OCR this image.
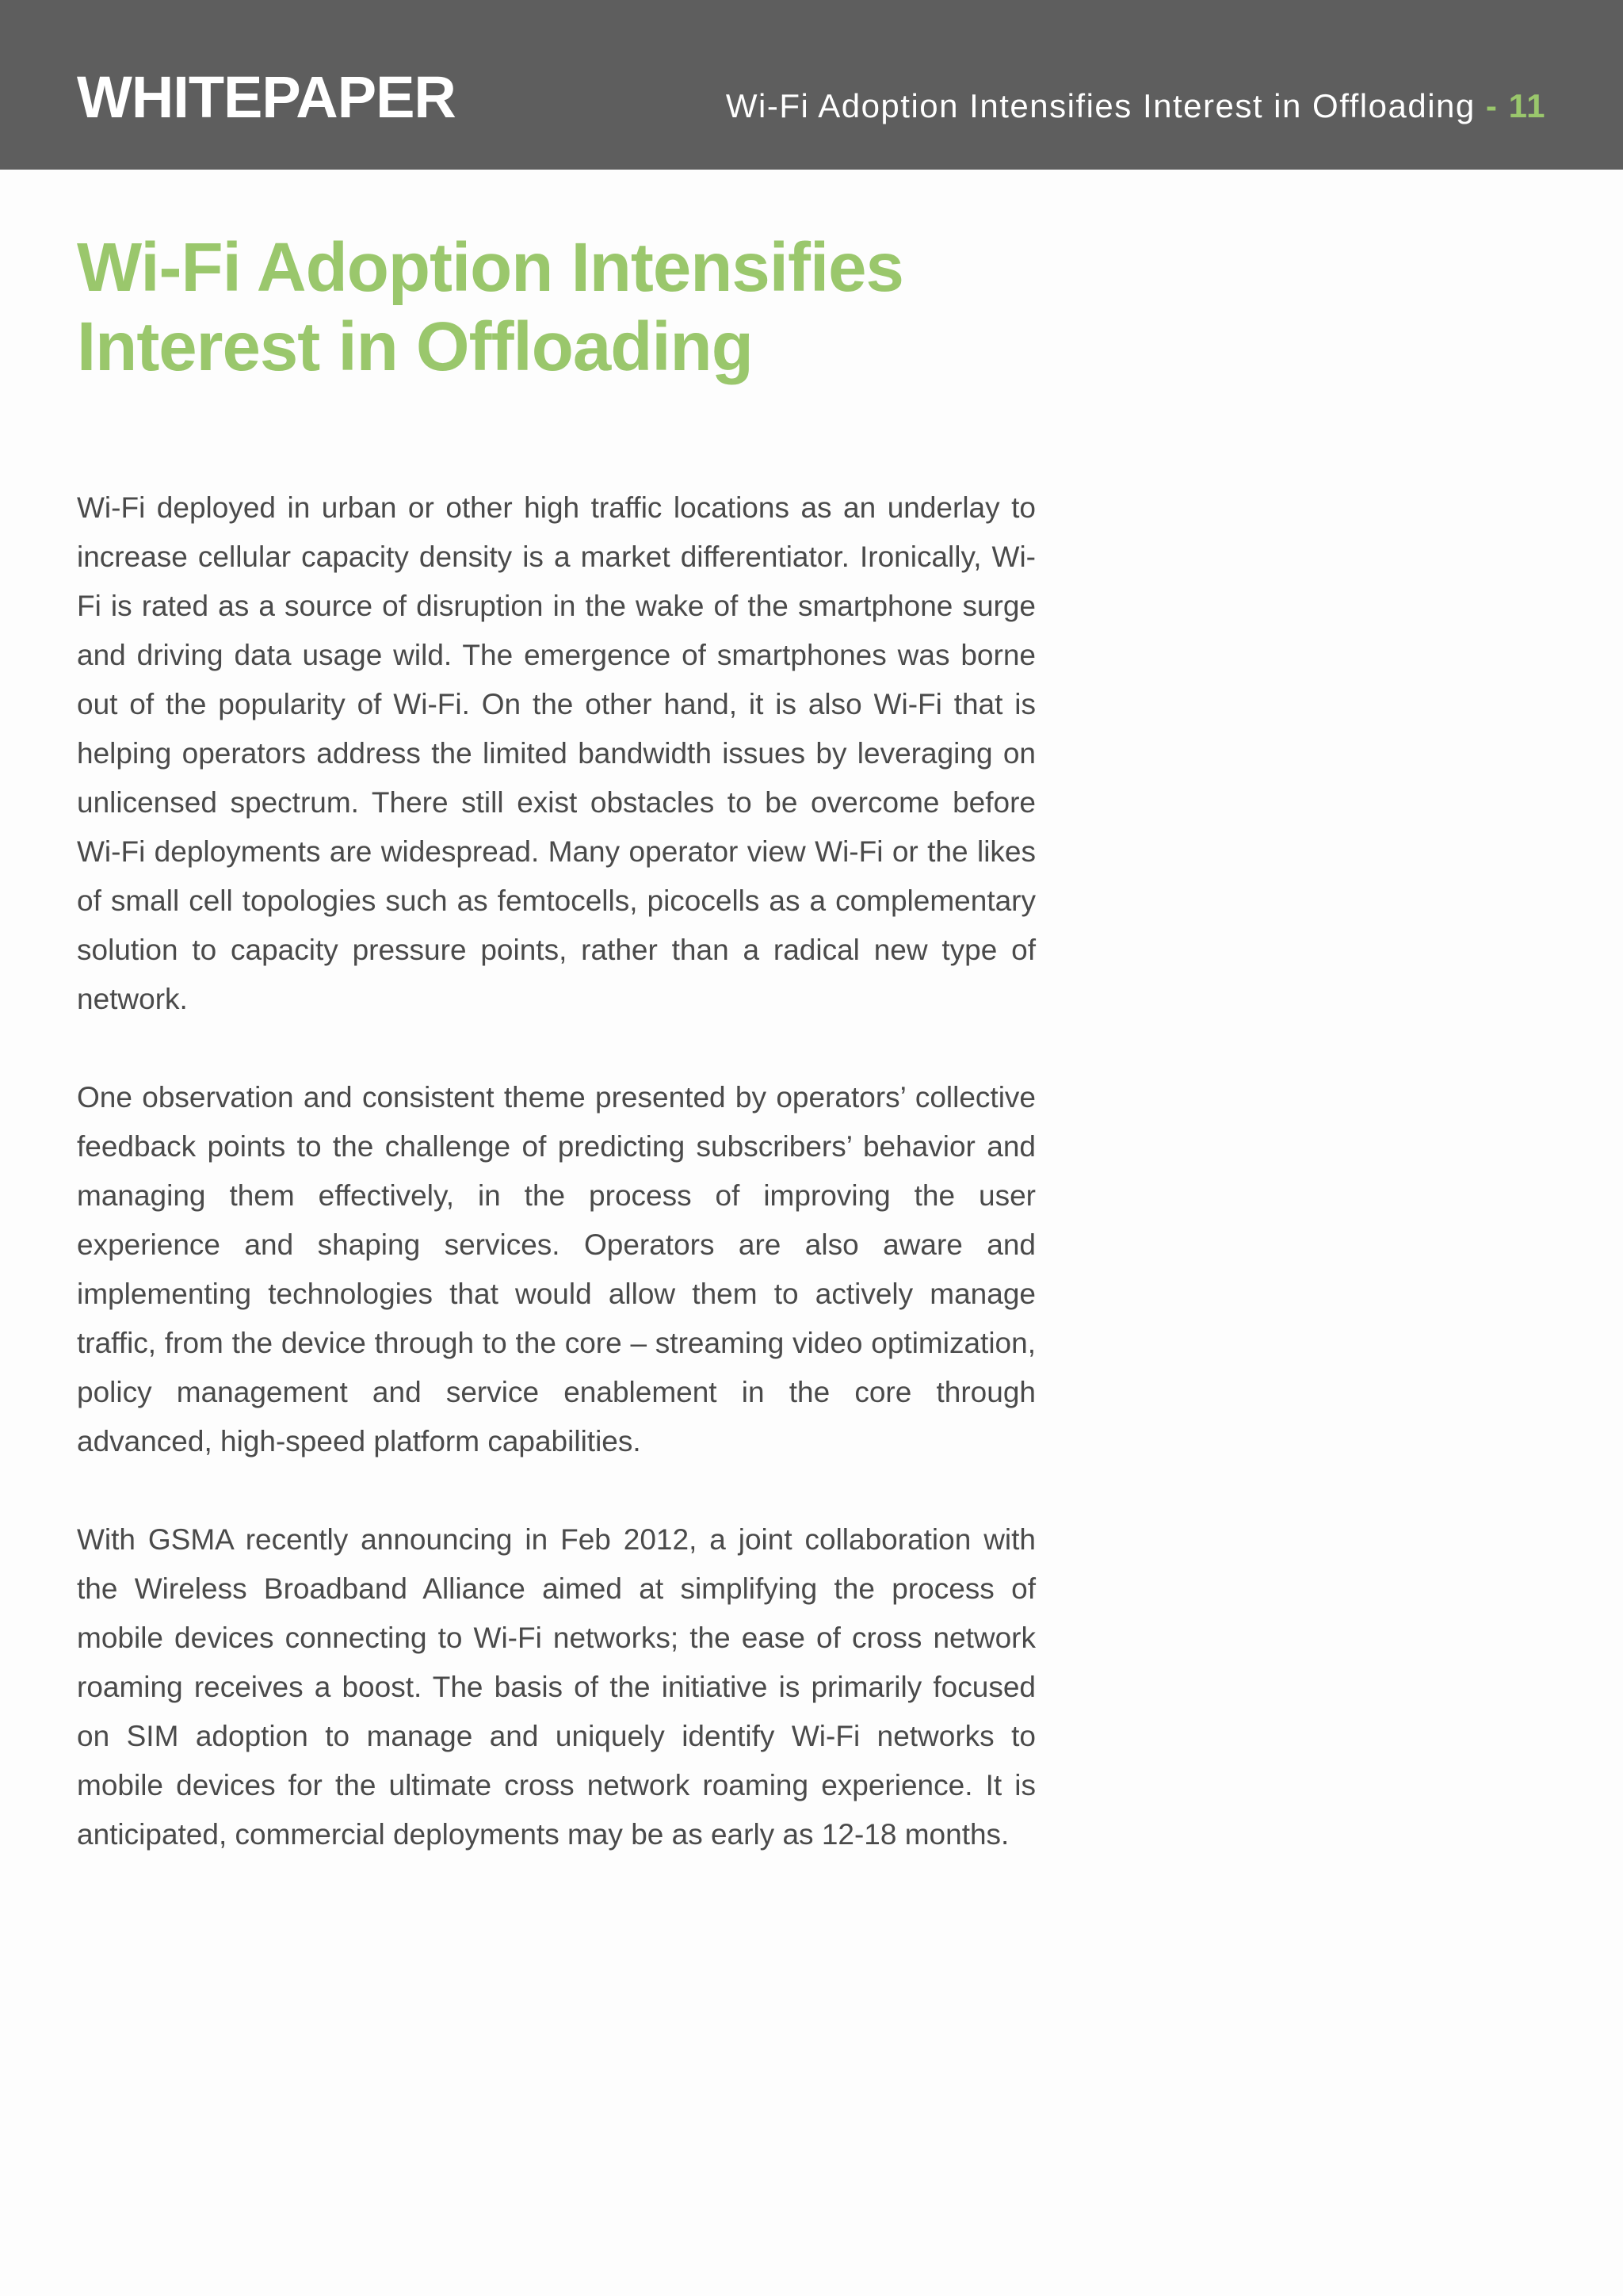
WHITEPAPER	Wi-Fi Adoption Intensifies Interest in Offloading - 11
Wi-Fi Adoption Intensifies
Interest in Offloading

Wi-Fi deployed in urban or other high traffic locations as an underlay to increase cellular capacity density is a market differentiator. Ironically, Wi-Fi is rated as a source of disruption in the wake of the smartphone surge and driving data usage wild. The emergence of smartphones was borne out of the popularity of Wi-Fi. On the other hand, it is also Wi-Fi that is helping operators address the limited bandwidth issues by leveraging on unlicensed spectrum. There still exist obstacles to be overcome before Wi-Fi deployments are widespread. Many operator view Wi-Fi or the likes of small cell topologies such as femtocells, picocells as a complementary solution to capacity pressure points, rather than a radical new type of network.

One observation and consistent theme presented by operators’ collective feedback points to the challenge of predicting subscribers’ behavior and managing them effectively, in the process of improving the user experience and shaping services. Operators are also aware and implementing technologies that would allow them to actively manage traffic, from the device through to the core – streaming video optimization, policy management and service enablement in the core through advanced, high-speed platform capabilities.

With GSMA recently announcing in Feb 2012, a joint collaboration with the Wireless Broadband Alliance aimed at simplifying the process of mobile devices connecting to Wi-Fi networks; the ease of cross network roaming receives a boost. The basis of the initiative is primarily focused on SIM adoption to manage and uniquely identify Wi-Fi networks to mobile devices for the ultimate cross network roaming experience. It is anticipated, commercial deployments may be as early as 12-18 months.
